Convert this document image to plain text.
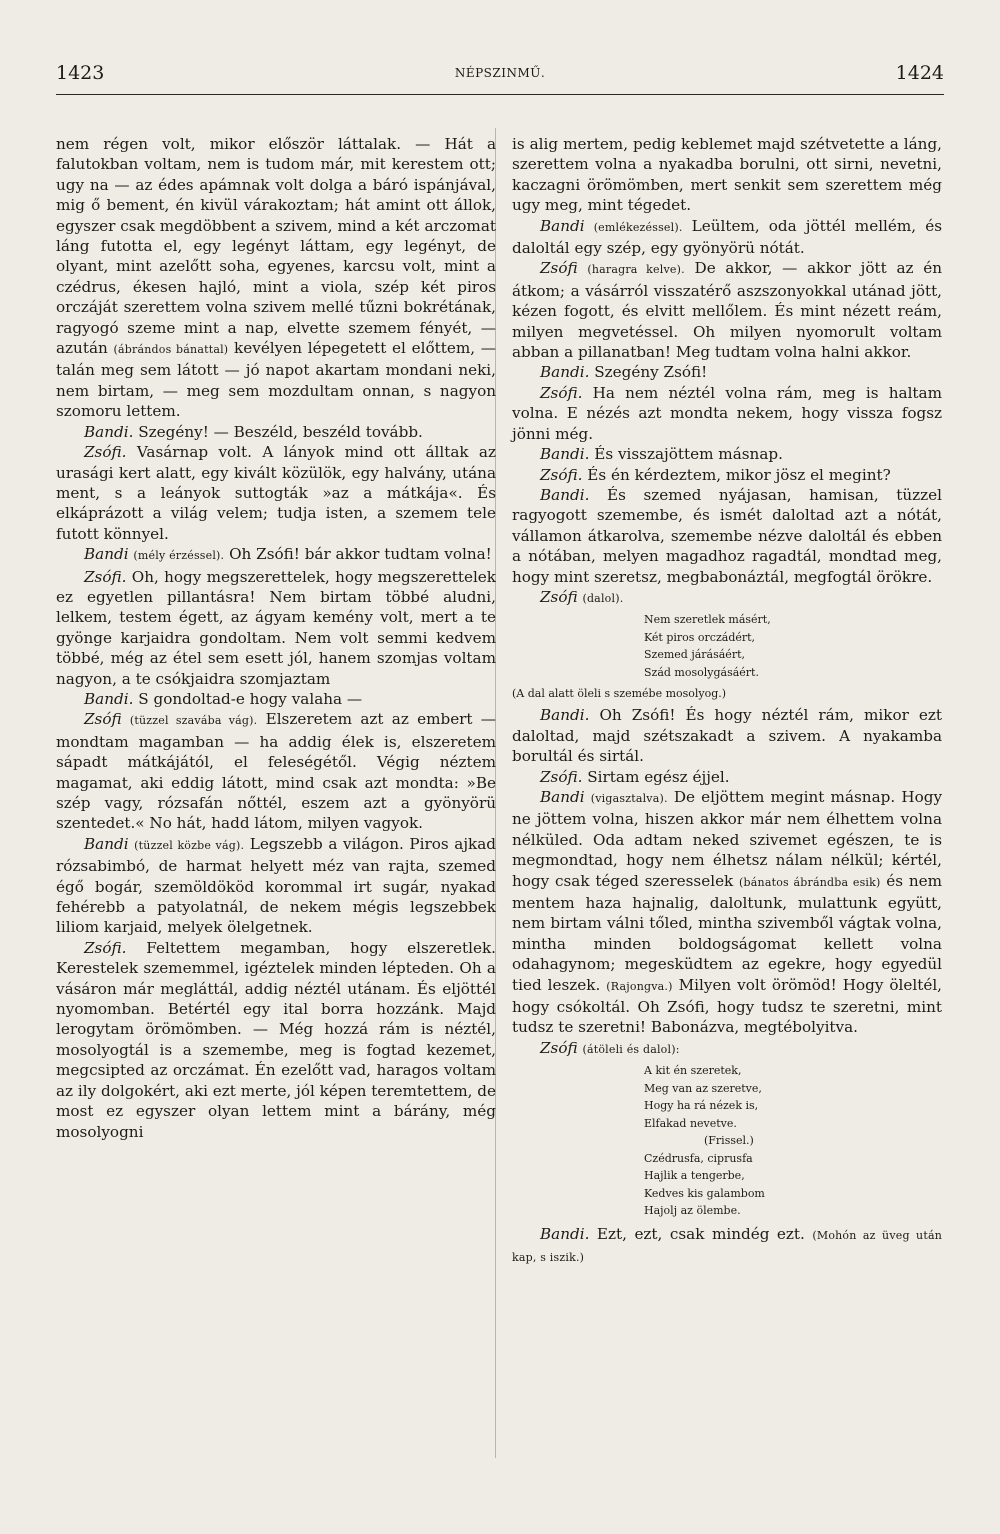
1423	NÉPSZINMŰ.	1424

nem régen volt, mikor először láttalak. — Hát a falutokban voltam, nem is tudom már, mit kerestem ott; ugy na — az édes apámnak volt dolga a báró ispánjával, mig ő bement, én kivül várakoztam; hát amint ott állok, egyszer csak megdöbbent a szivem, mind a két arczomat láng futotta el, egy legényt láttam, egy legényt, de olyant, mint azelőtt soha, egyenes, karcsu volt, mint a czédrus, ékesen hajló, mint a viola, szép két piros orczáját szerettem volna szivem mellé tűzni bokrétának, ragyogó szeme mint a nap, elvette szemem fényét, — azután (ábrándos bánattal) kevélyen lépegetett el előttem, — talán meg sem látott — jó napot akartam mondani neki, nem birtam, — meg sem mozdultam onnan, s nagyon szomoru lettem.

Bandi. Szegény! — Beszéld, beszéld tovább.

Zsófi. Vasárnap volt. A lányok mind ott álltak az urasági kert alatt, egy kivált közülök, egy halvány, utána ment, s a leányok suttogták »az a mátkája«. És elkáprázott a világ velem; tudja isten, a szemem tele futott könnyel.

Bandi (mély érzéssel). Oh Zsófi! bár akkor tudtam volna!

Zsófi. Oh, hogy megszerettelek, hogy megszerettelek ez egyetlen pillantásra! Nem birtam többé aludni, lelkem, testem égett, az ágyam kemény volt, mert a te gyönge karjaidra gondoltam. Nem volt semmi kedvem többé, még az étel sem esett jól, hanem szomjas voltam nagyon, a te csókjaidra szomjaztam

Bandi. S gondoltad-e hogy valaha —

Zsófi (tüzzel szavába vág). Elszeretem azt az embert — mondtam magamban — ha addig élek is, elszeretem sápadt mátkájától, el feleségétől. Végig néztem magamat, aki eddig látott, mind csak azt mondta: »Be szép vagy, rózsafán nőttél, eszem azt a gyönyörü szentedet.« No hát, hadd látom, milyen vagyok.

Bandi (tüzzel közbe vág). Legszebb a világon. Piros ajkad rózsabimbó, de harmat helyett méz van rajta, szemed égő bogár, szemöldököd korommal irt sugár, nyakad fehérebb a patyolatnál, de nekem mégis legszebbek liliom karjaid, melyek ölelgetnek.

Zsófi. Feltettem megamban, hogy elszeretlek. Kerestelek szememmel, igéztelek minden lépteden. Oh a vásáron már megláttál, addig néztél utánam. És eljöttél nyomomban. Betértél egy ital borra hozzánk. Majd lerogytam örömömben. — Még hozzá rám is néztél, mosolyogtál is a szemembe, meg is fogtad kezemet, megcsipted az orczámat. Én ezelőtt vad, haragos voltam az ily dolgokért, aki ezt merte, jól képen teremtettem, de most ez egyszer olyan lettem mint a bárány, még mosolyogni

is alig mertem, pedig keblemet majd szétvetette a láng, szerettem volna a nyakadba borulni, ott sirni, nevetni, kaczagni örömömben, mert senkit sem szerettem még ugy meg, mint tégedet.

Bandi (emlékezéssel). Leültem, oda jöttél mellém, és daloltál egy szép, egy gyönyörü nótát.

Zsófi (haragra kelve). De akkor, — akkor jött az én átkom; a vásárról visszatérő aszszonyokkal utánad jött, kézen fogott, és elvitt mellőlem. És mint nézett reám, milyen megvetéssel. Oh milyen nyomorult voltam abban a pillanatban! Meg tudtam volna halni akkor.

Bandi. Szegény Zsófi!

Zsófi. Ha nem néztél volna rám, meg is haltam volna. E nézés azt mondta nekem, hogy vissza fogsz jönni még.

Bandi. És visszajöttem másnap.

Zsófi. És én kérdeztem, mikor jösz el megint?

Bandi. És szemed nyájasan, hamisan, tüzzel ragyogott szemembe, és ismét daloltad azt a nótát, vállamon átkarolva, szemembe nézve daloltál és ebben a nótában, melyen magadhoz ragadtál, mondtad meg, hogy mint szeretsz, megbabonáztál, megfogtál örökre.

Zsófi (dalol).

Nem szeretlek másért,
Két piros orczádért,
Szemed járásáért,
Szád mosolygásáért.

(A dal alatt öleli s szemébe mosolyog.)

Bandi. Oh Zsófi! És hogy néztél rám, mikor ezt daloltad, majd szétszakadt a szivem. A nyakamba borultál és sirtál.

Zsófi. Sirtam egész éjjel.

Bandi (vigasztalva). De eljöttem megint másnap. Hogy ne jöttem volna, hiszen akkor már nem élhettem volna nélküled. Oda adtam neked szivemet egészen, te is megmondtad, hogy nem élhetsz nálam nélkül; kértél, hogy csak téged szeresselek (bánatos ábrándba esik) és nem mentem haza hajnalig, daloltunk, mulattunk együtt, nem birtam válni tőled, mintha szivemből vágtak volna, mintha minden boldogságomat kellett volna odahagynom; megesküdtem az egekre, hogy egyedül tied leszek. (Rajongva.) Milyen volt örömöd! Hogy öleltél, hogy csókoltál. Oh Zsófi, hogy tudsz te szeretni, mint tudsz te szeretni! Babonázva, megtébolyitva.

Zsófi (átöleli és dalol):

A kit én szeretek,
Meg van az szeretve,
Hogy ha rá nézek is,
Elfakad nevetve.
(Frissel.)
Czédrusfa, ciprusfa
Hajlik a tengerbe,
Kedves kis galambom
Hajolj az ölembe.

Bandi. Ezt, ezt, csak mindég ezt. (Mohón az üveg után kap, s iszik.)
